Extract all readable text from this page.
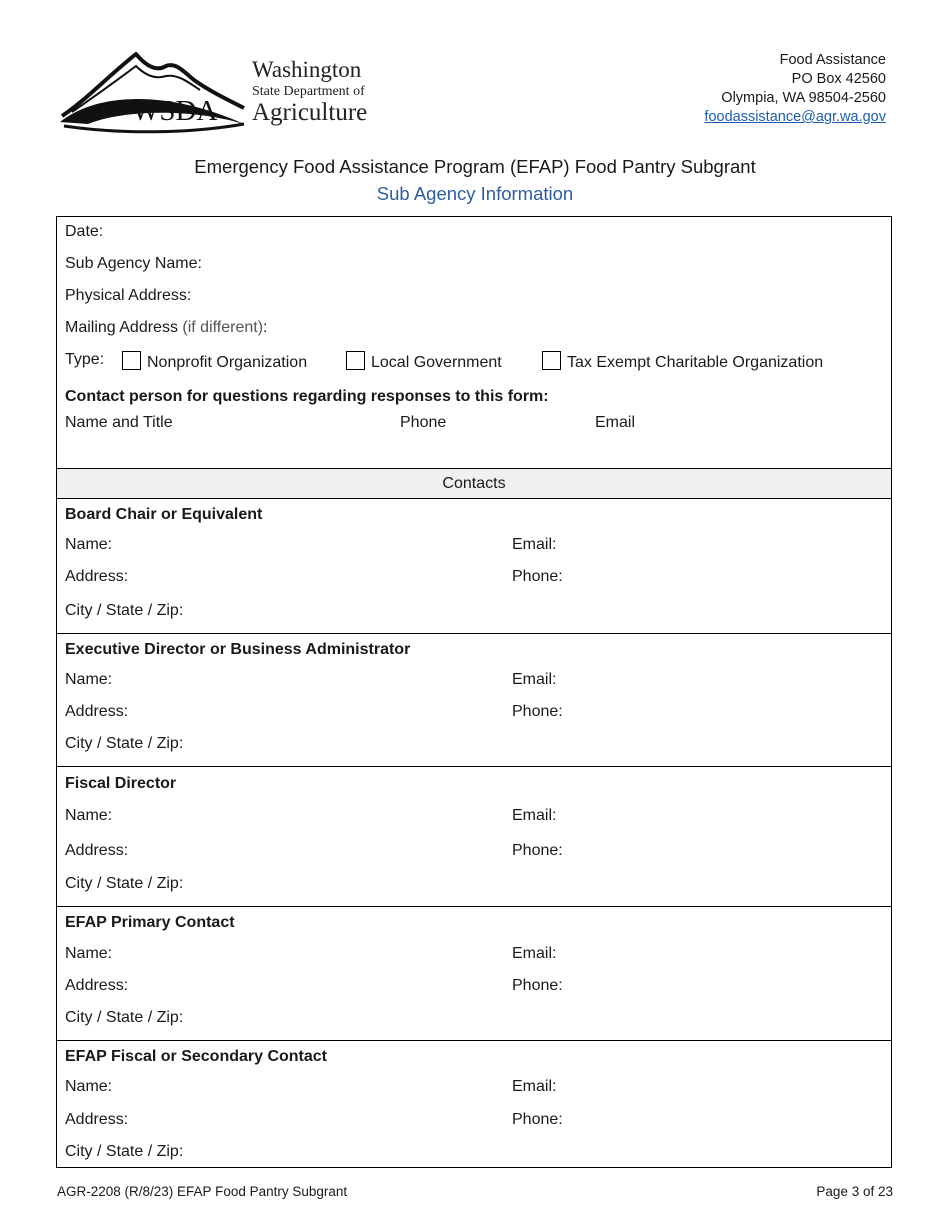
WSDA
Washington
State Department of
Agriculture
Food Assistance
PO Box 42560
Olympia, WA 98504-2560
foodassistance@agr.wa.gov
Emergency Food Assistance Program (EFAP) Food Pantry Subgrant
Sub Agency Information
Date:
Sub Agency Name:
Physical Address:
Mailing Address (if different):
Type:	Nonprofit Organization	Local Government	Tax Exempt Charitable Organization
Contact person for questions regarding responses to this form:
Name and Title	Phone	Email
Contacts
Board Chair or Equivalent
Name:	Email:
Address:	Phone:
City / State / Zip:
Executive Director or Business Administrator
Name:	Email:
Address:	Phone:
City / State / Zip:
Fiscal Director
Name:	Email:
Address:	Phone:
City / State / Zip:
EFAP Primary Contact
Name:	Email:
Address:	Phone:
City / State / Zip:
EFAP Fiscal or Secondary Contact
Name:	Email:
Address:	Phone:
City / State / Zip:
AGR-2208 (R/8/23) EFAP Food Pantry Subgrant	Page 3 of 23
